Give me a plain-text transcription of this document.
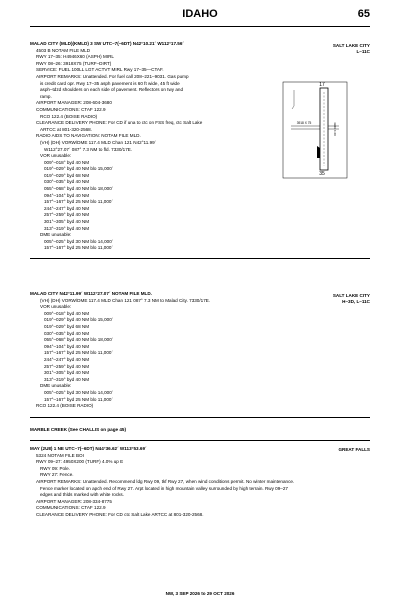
IDAHO	65
MALAD CITY (MLD)(KMLD) 3 SW UTC–7(–6DT) N42°10.21´ W112°17.56´
4503 B NOTAM FILE MLD
RWY 17–35: H4946X60 (ASPH) MIRL
RWY 08–26: 3918X75 (TURF–DIRT)
SERVICE: FUEL 100LL LGT ACTVT MIRL Rwy 17–35—CTAF.
AIRPORT REMARKS: Unattended. For fuel call 208–221–9031. Gas pump
is credit card opr. Rwy 17–35 asph pavement is 60 ft wide, 45 ft wide
asph–tdzd shoulders on each side of pavement. Reflectors on twy and
ramp.
AIRPORT MANAGER: 208-604-3680
COMMUNICATIONS: CTAF 122.9
RCO 122.4 (BOISE RADIO)
CLEARANCE DELIVERY PHONE: For CD if una to ctc on FSS freq, ctc Salt Lake
ARTCC at 801-320-2568.
RADIO AIDS TO NAVIGATION: NOTAM FILE MLD.
(VH) (DH) VORW/DME 117.4 MLD Chan 121 N42°11.99´
W112°27.07´ 087° 7.3 NM to fld. 7330/17E.
VOR unusable:
009°–018° byd 40 NM
019°–029° byd 40 NM blo 15,000´
019°–029° byd 68 NM
030°–035° byd 40 NM
055°–068° byd 40 NM blo 18,000´
094°–104° byd 40 NM
157°–167° byd 25 NM blo 11,000´
244°–247° byd 40 NM
257°–259° byd 40 NM
301°–305° byd 40 NM
313°–319° byd 40 NM
DME unusable:
005°–025° byd 30 NM blo 14,000´
157°–167° byd 25 NM blo 11,000´
SALT LAKE CITY
L–11C
17
35
3918 X 75	4946 X 60
MALAD CITY N42°11.99´ W112°27.07´ NOTAM FILE MLD.
(VH) (DH) VORW/DME 117.4 MLD Chan 121 087° 7.3 NM to Malad City. 7330/17E.
VOR unusable:
009°–018° byd 40 NM
019°–029° byd 40 NM blo 15,000´
019°–029° byd 68 NM
030°–035° byd 40 NM
055°–068° byd 40 NM blo 18,000´
094°–104° byd 40 NM
157°–167° byd 25 NM blo 11,000´
244°–247° byd 40 NM
257°–259° byd 40 NM
301°–305° byd 40 NM
313°–319° byd 40 NM
DME unusable:
005°–025° byd 30 NM blo 14,000´
157°–167° byd 25 NM blo 11,000´
RCO 122.4 (BOISE RADIO)
SALT LAKE CITY
H–3D, L–11C
MARBLE CREEK (See CHALLIS on page 45)
MAY (2U8) 1 NE UTC–7(–6DT) N44°36.62´ W113°53.69´
5324 NOTAM FILE BOI
RWY 09–27: 4950X200 (TURF) 4.0% up E
RWY 09: Pole.
RWY 27: Fence.
AIRPORT REMARKS: Unattended. Recommend ldg Rwy 09, tkf Rwy 27, when wind conditions permit. No winter maintenance.
Fence marker located on apch end of Rwy 27. Arpt located in high mountain valley surrounded by high terrain. Rwy 09–27
edges and thlds marked with white rocks.
AIRPORT MANAGER: 208-334-8775
COMMUNICATIONS: CTAF 122.9
CLEARANCE DELIVERY PHONE: For CD ctc Salt Lake ARTCC at 801-320-2568.
GREAT FALLS
NW, 3 SEP 2026 to 29 OCT 2026
